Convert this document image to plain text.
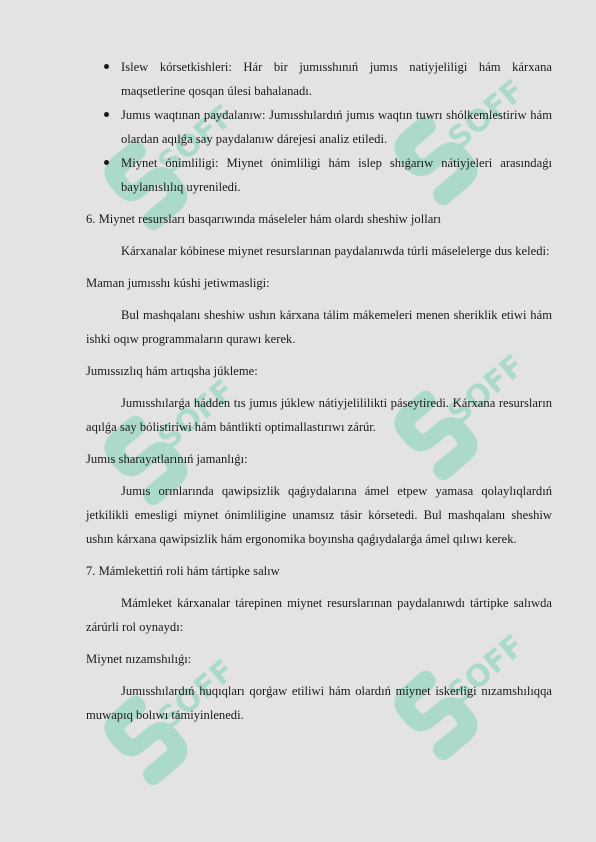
SOFF	SOFF
SOFF	SOFF
SOFF	SOFF
Islew kórsetkishleri: Hár bir jumısshınıń jumıs natiyjeliligi hám kárxana maqsetlerine qosqan úlesi bahalanadı.
Jumıs waqtınan paydalanıw: Jumısshılardıń jumıs waqtın tuwrı shólkemlestiriw hám olardan aqılǵa say paydalanıw dárejesi analiz etiledi.
Miynet ónimliligi: Miynet ónimliligi hám islep shıǵarıw nátiyjeleri arasındaǵı baylanıslılıq uyreniledi.

6. Miynet resursları basqarıwında máseleler hám olardı sheshiw jolları

Kárxanalar kóbinese miynet resurslarınan paydalanıwda túrli máselelerge dus keledi:

Maman jumısshı kúshi jetiwmasligi:

Bul mashqalanı sheshiw ushın kárxana tálim mákemeleri menen sheriklik etiwi hám ishki oqıw programmaların qurawı kerek.

Jumıssızlıq hám artıqsha júkleme:

Jumısshılarǵa hádden tıs jumıs júklew nátiyjelililikti páseytiredi. Kárxana resursların aqılǵa say bólistiriwi hám bántlikti optimallastırıwı zárúr.

Jumıs sharayatlarınıń jamanlıǵı:

Jumıs orınlarında qawipsizlik qaǵıydalarına ámel etpew yamasa qolaylıqlardıń jetkilikli emesligi miynet ónimliligine unamsız tásir kórsetedi. Bul mashqalanı sheshiw ushın kárxana qawipsizlik hám ergonomika boyınsha qaǵıydalarǵa ámel qılıwı kerek.

7. Mámlekettiń roli hám tártipke salıw

Mámleket kárxanalar tárepinen miynet resurslarınan paydalanıwdı tártipke salıwda zárúrli rol oynaydı:

Miynet nızamshılıǵı:

Jumısshılardıń huqıqları qorǵaw etiliwi hám olardıń miynet iskerligi nızamshılıqqa muwapıq bolıwı támiyinlenedi.
